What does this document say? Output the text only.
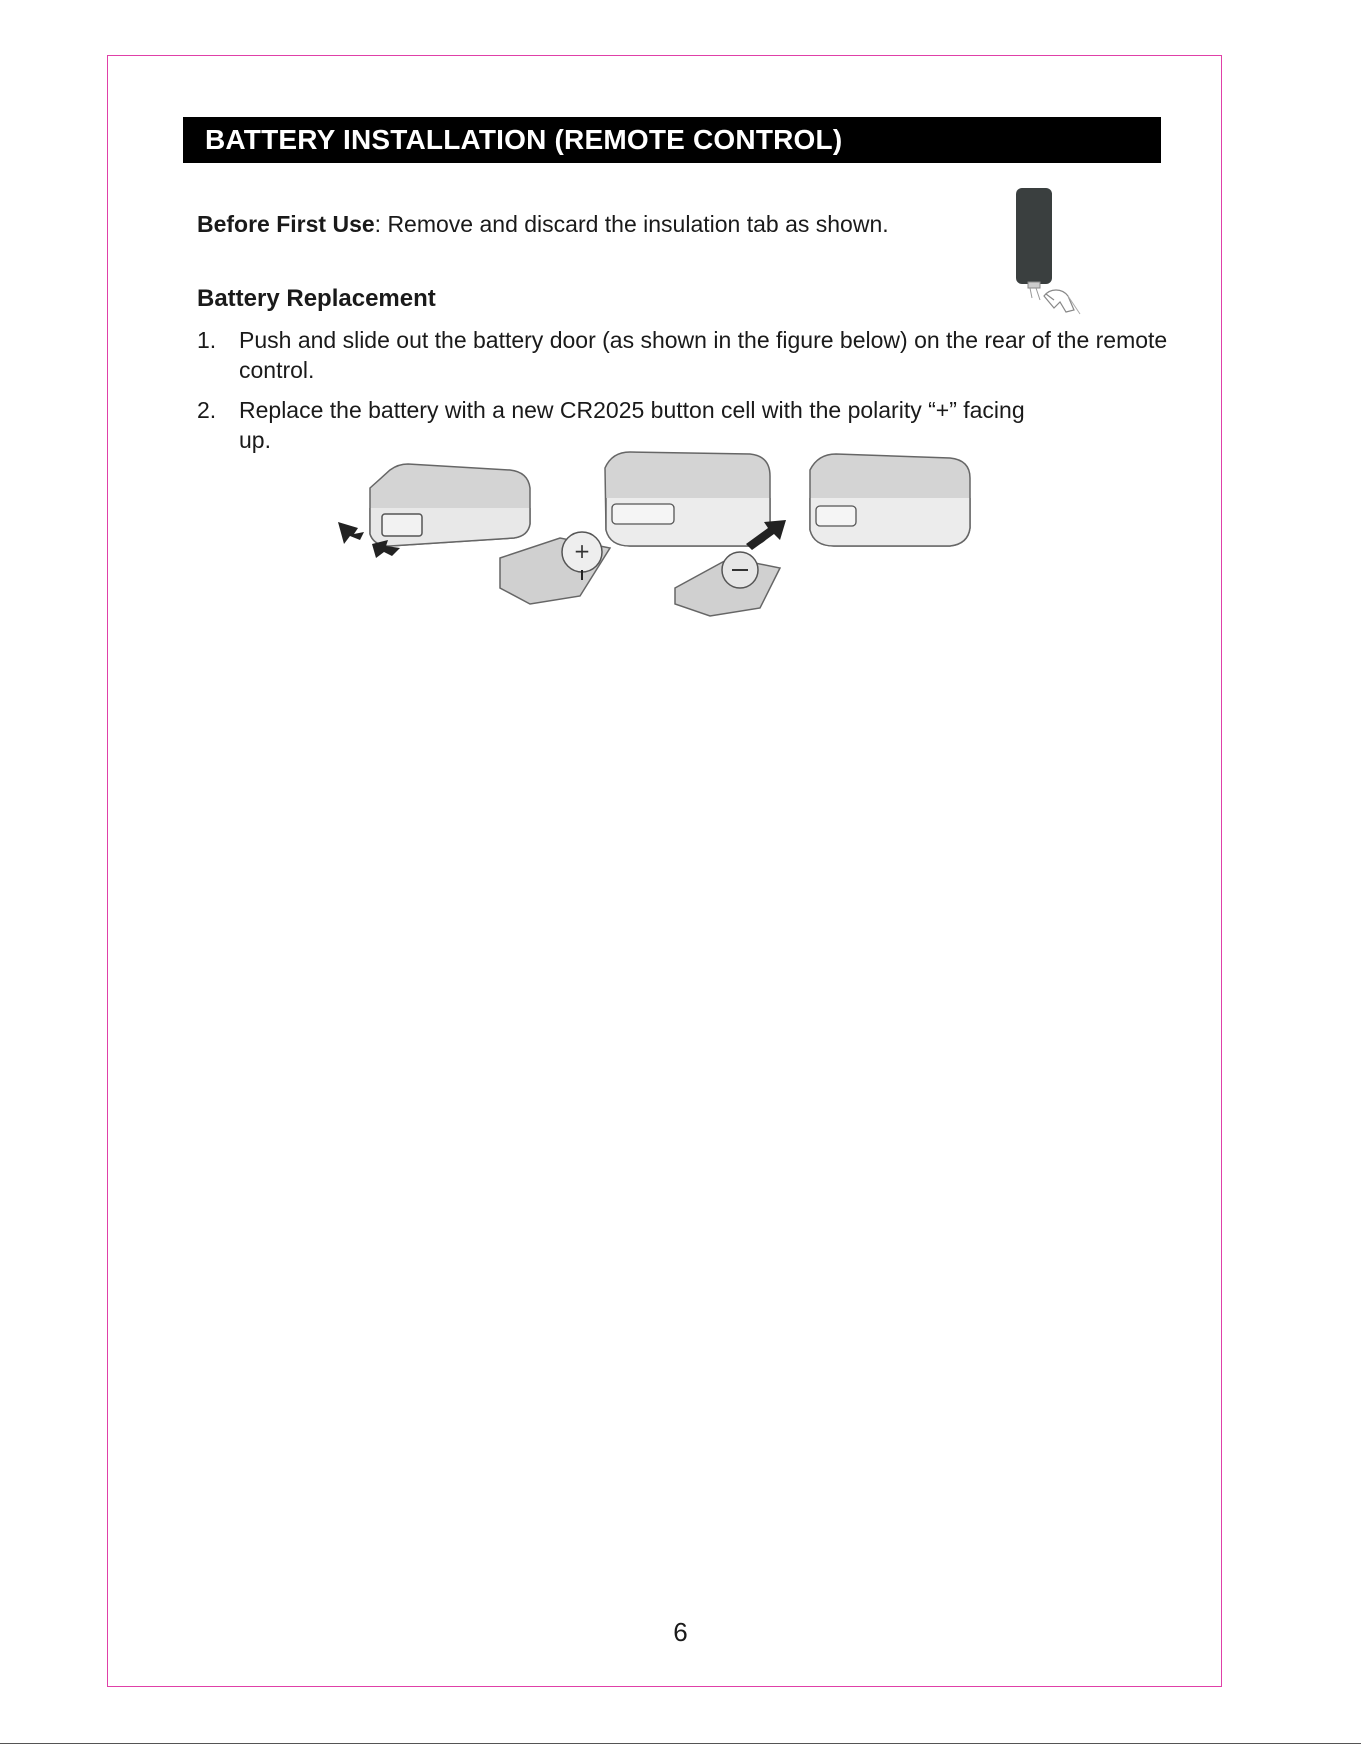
BATTERY INSTALLATION (REMOTE CONTROL)
Before First Use: Remove and discard the insulation tab as shown.
Battery Replacement
1. Push and slide out the battery door (as shown in the figure below) on the rear of the remote control.
2. Replace the battery with a new CR2025 button cell with the polarity “+” facing up.
+
6
